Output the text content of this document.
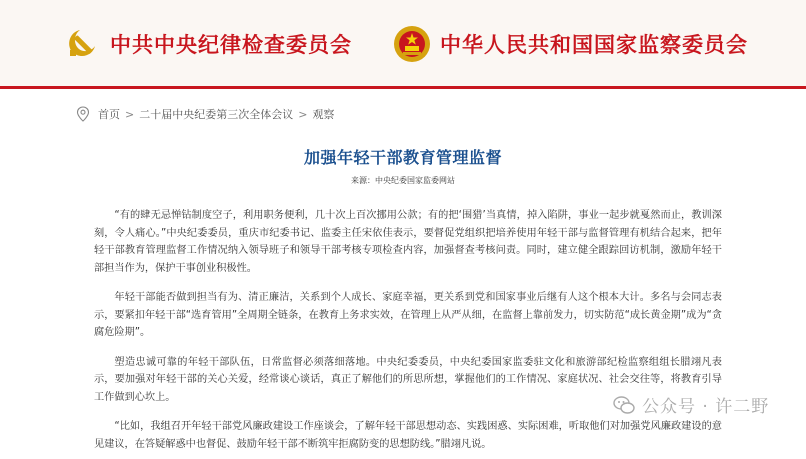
中共中央纪律检查委员会	中华人民共和国国家监察委员会
首页 > 二十届中央纪委第三次全体会议 > 观察
加强年轻干部教育管理监督
来源：中央纪委国家监委网站

“有的肆无忌惮钻制度空子，利用职务便利，几十次上百次挪用公款；有的把‘围猎’当真情，掉入陷阱，事业一起步就戛然而止，教训深刻，令人痛心。”中央纪委委员，重庆市纪委书记、监委主任宋依佳表示，要督促党组织把培养使用年轻干部与监督管理有机结合起来，把年轻干部教育管理监督工作情况纳入领导班子和领导干部考核专项检查内容，加强督查考核问责。同时，建立健全跟踪回访机制，激励年轻干部担当作为，保护干事创业积极性。

年轻干部能否做到担当有为、清正廉洁，关系到个人成长、家庭幸福，更关系到党和国家事业后继有人这个根本大计。多名与会同志表示，要紧扣年轻干部“选育管用”全周期全链条，在教育上务求实效，在管理上从严从细，在监督上靠前发力，切实防范“成长黄金期”成为“贪腐危险期”。

塑造忠诚可靠的年轻干部队伍，日常监督必须落细落地。中央纪委委员，中央纪委国家监委驻文化和旅游部纪检监察组组长腊翊凡表示，要加强对年轻干部的关心关爱，经常谈心谈话，真正了解他们的所思所想，掌握他们的工作情况、家庭状况、社会交往等，将教育引导工作做到心坎上。

“比如，我组召开年轻干部党风廉政建设工作座谈会，了解年轻干部思想动态、实践困惑、实际困难，听取他们对加强党风廉政建设的意见建议，在答疑解惑中也督促、鼓励年轻干部不断筑牢拒腐防变的思想防线。”腊翊凡说。

公众号 · 许二野
